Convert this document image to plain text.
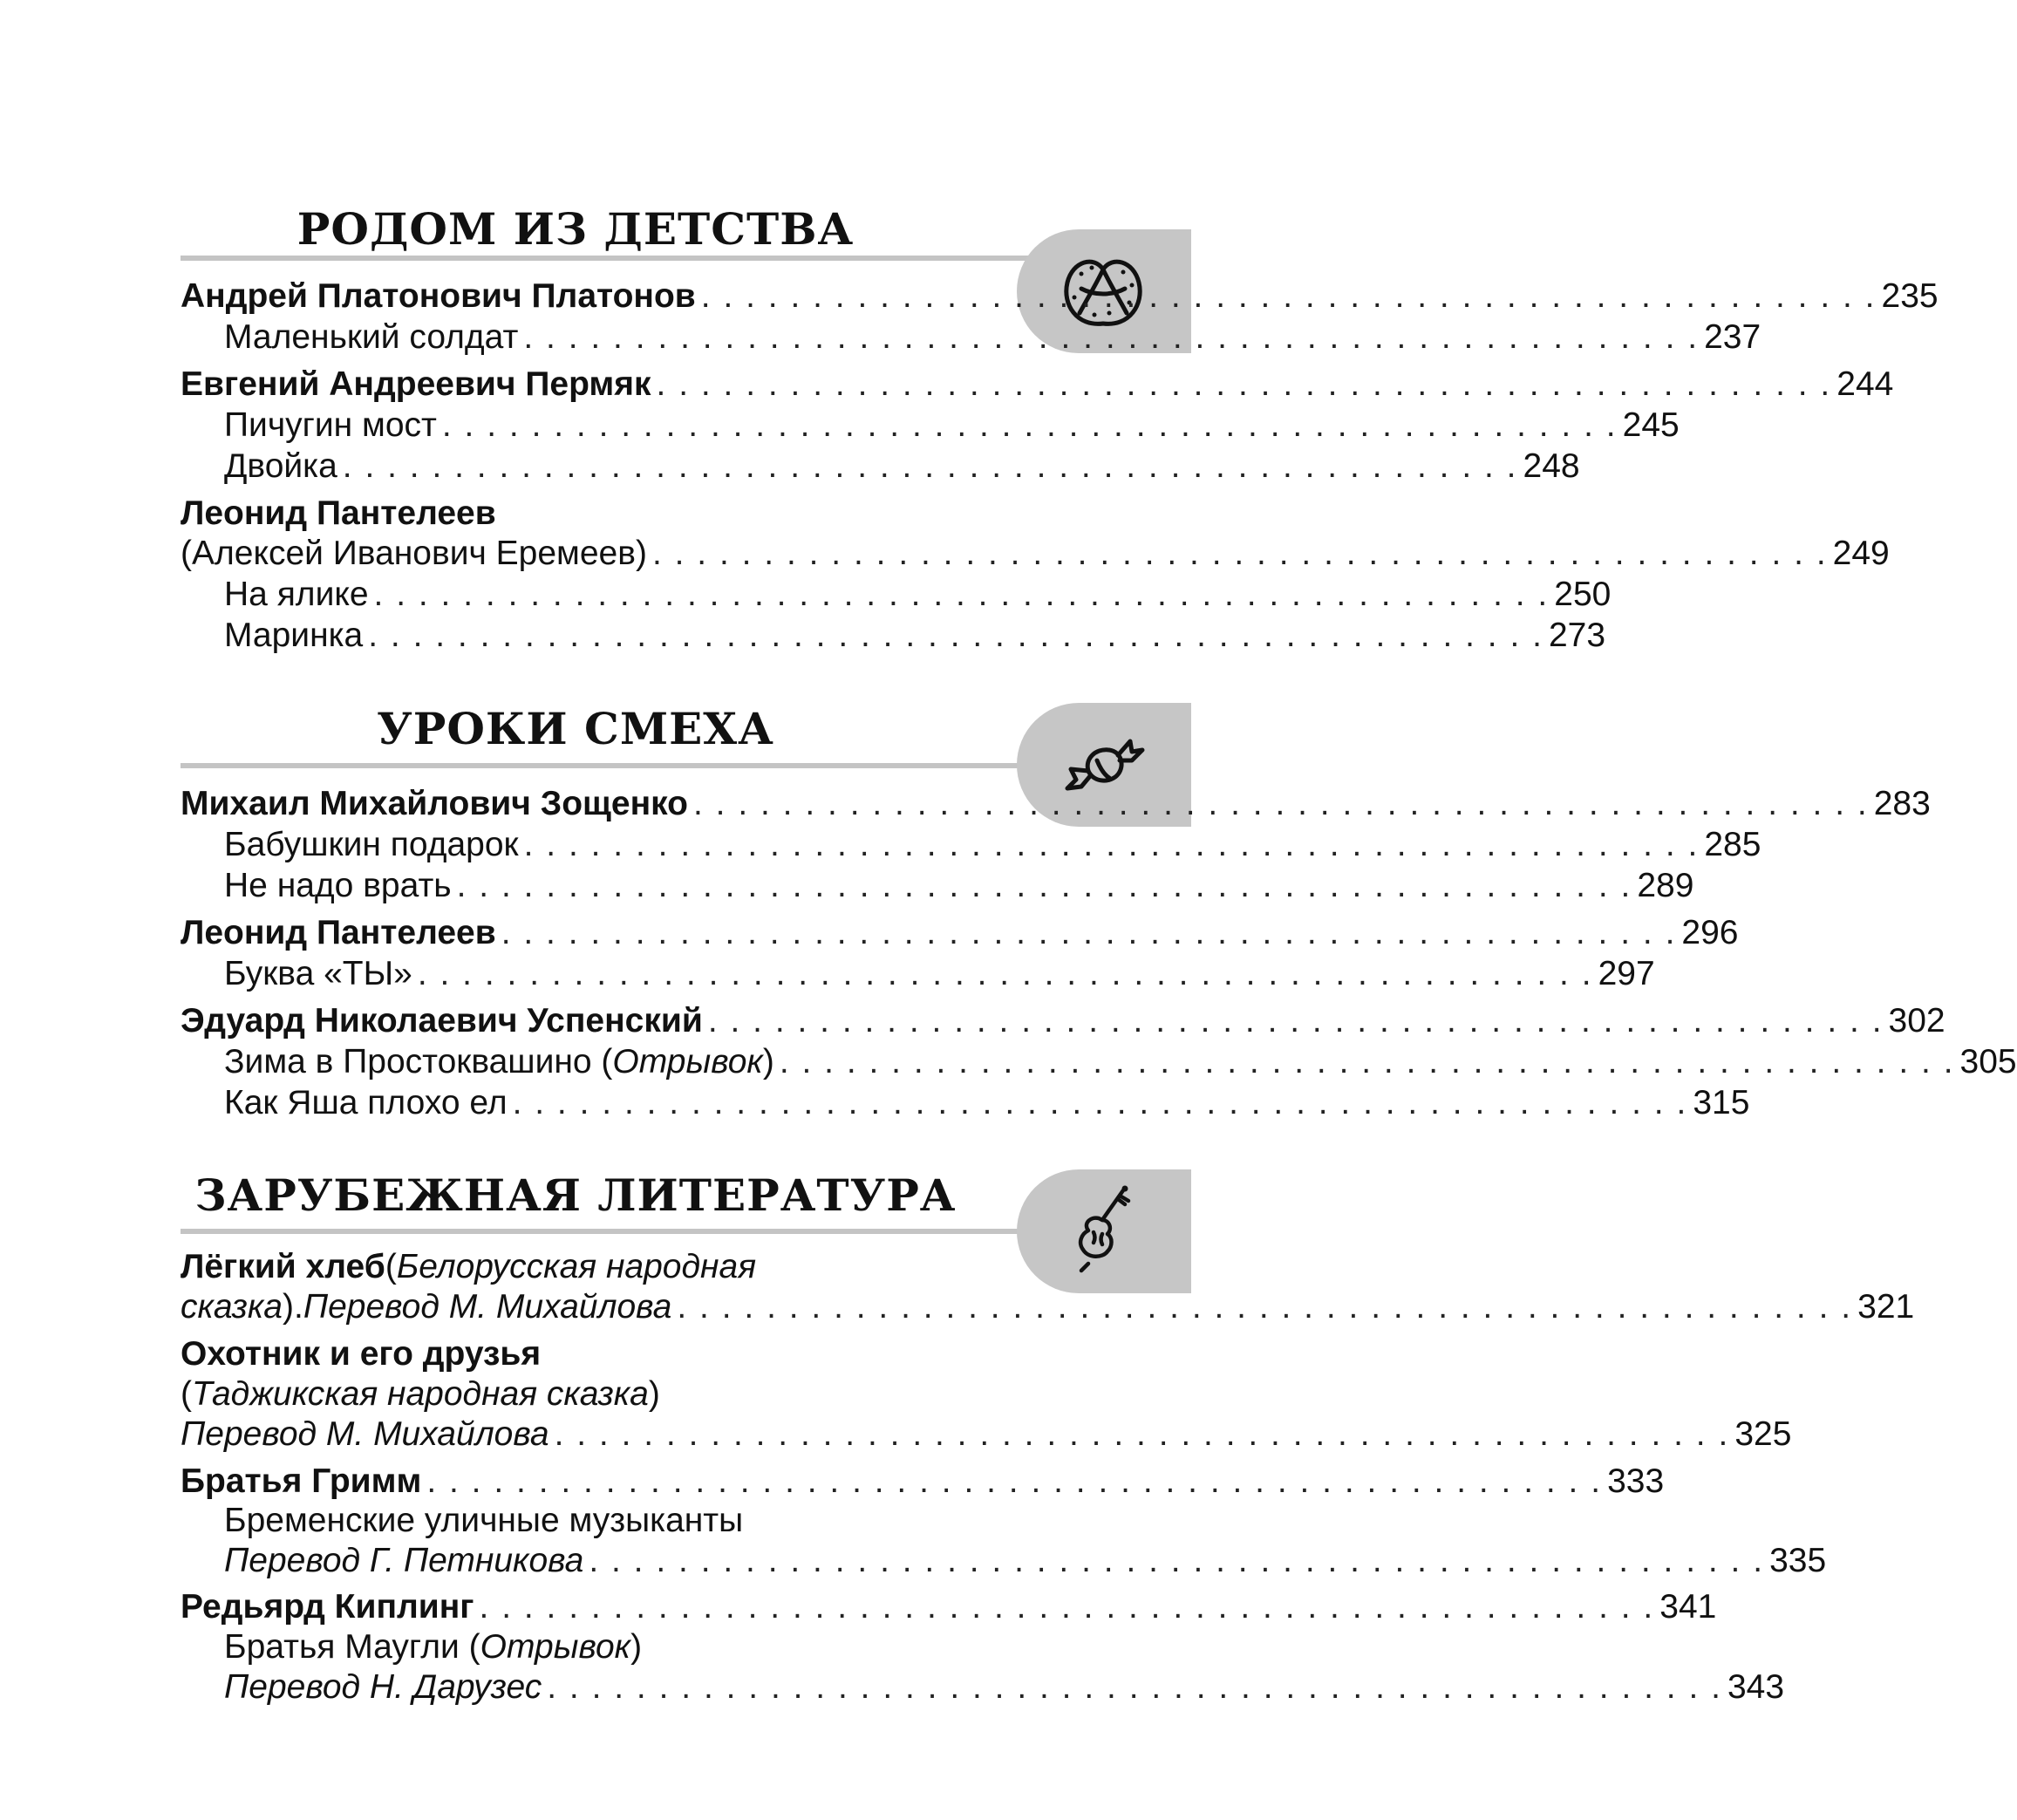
РОДОМ ИЗ ДЕТСТВА
Андрей Платонович Платонов . . . . . . . . . . . . . . . . . . . . . . . . . . . . . . . . . . . . . . . . . . . . . . . . . . . . . 235
Маленький солдат . . . . . . . . . . . . . . . . . . . . . . . . . . . . . . . . . . . . . . . . . . . . . . . . . . . . . 237
Евгений Андреевич Пермяк . . . . . . . . . . . . . . . . . . . . . . . . . . . . . . . . . . . . . . . . . . . . . . . . . . . . . 244
Пичугин мост . . . . . . . . . . . . . . . . . . . . . . . . . . . . . . . . . . . . . . . . . . . . . . . . . . . . . 245
Двойка . . . . . . . . . . . . . . . . . . . . . . . . . . . . . . . . . . . . . . . . . . . . . . . . . . . . . 248
Леонид Пантелеев
(Алексей Иванович Еремеев) . . . . . . . . . . . . . . . . . . . . . . . . . . . . . . . . . . . . . . . . . . . . . . . . . . . . . 249
На ялике . . . . . . . . . . . . . . . . . . . . . . . . . . . . . . . . . . . . . . . . . . . . . . . . . . . . . 250
Маринка . . . . . . . . . . . . . . . . . . . . . . . . . . . . . . . . . . . . . . . . . . . . . . . . . . . . . 273
УРОКИ СМЕХА
Михаил Михайлович Зощенко . . . . . . . . . . . . . . . . . . . . . . . . . . . . . . . . . . . . . . . . . . . . . . . . . . . . . 283
Бабушкин подарок . . . . . . . . . . . . . . . . . . . . . . . . . . . . . . . . . . . . . . . . . . . . . . . . . . . . . 285
Не надо врать . . . . . . . . . . . . . . . . . . . . . . . . . . . . . . . . . . . . . . . . . . . . . . . . . . . . . 289
Леонид Пантелеев . . . . . . . . . . . . . . . . . . . . . . . . . . . . . . . . . . . . . . . . . . . . . . . . . . . . . 296
Буква «ТЫ» . . . . . . . . . . . . . . . . . . . . . . . . . . . . . . . . . . . . . . . . . . . . . . . . . . . . . 297
Эдуард Николаевич Успенский . . . . . . . . . . . . . . . . . . . . . . . . . . . . . . . . . . . . . . . . . . . . . . . . . . . . . 302
Зима в Простоквашино ( Отрывок ) . . . . . . . . . . . . . . . . . . . . . . . . . . . . . . . . . . . . . . . . . . . . . . . . . . . . . 305
Как Яша плохо ел . . . . . . . . . . . . . . . . . . . . . . . . . . . . . . . . . . . . . . . . . . . . . . . . . . . . . 315
ЗАРУБЕЖНАЯ ЛИТЕРАТУРА
Лёгкий хлеб ( Белорусская народная
сказка ). Перевод М. Михайлова . . . . . . . . . . . . . . . . . . . . . . . . . . . . . . . . . . . . . . . . . . . . . . . . . . . . . 321
Охотник и его друзья
( Таджикская народная сказка )
Перевод М. Михайлова . . . . . . . . . . . . . . . . . . . . . . . . . . . . . . . . . . . . . . . . . . . . . . . . . . . . . 325
Братья Гримм . . . . . . . . . . . . . . . . . . . . . . . . . . . . . . . . . . . . . . . . . . . . . . . . . . . . . 333
Бременские уличные музыканты
Перевод Г. Петникова . . . . . . . . . . . . . . . . . . . . . . . . . . . . . . . . . . . . . . . . . . . . . . . . . . . . . 335
Редьярд Киплинг . . . . . . . . . . . . . . . . . . . . . . . . . . . . . . . . . . . . . . . . . . . . . . . . . . . . . 341
Братья Маугли ( Отрывок )
Перевод Н. Дарузес . . . . . . . . . . . . . . . . . . . . . . . . . . . . . . . . . . . . . . . . . . . . . . . . . . . . . 343
